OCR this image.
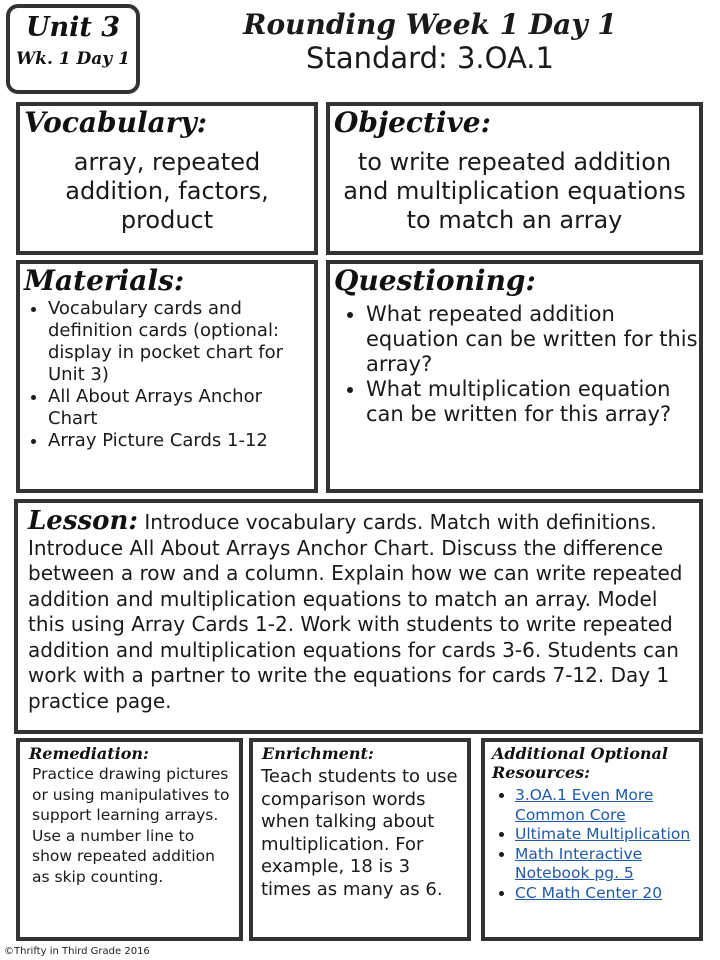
Unit 3
Wk. 1 Day 1
Rounding Week 1 Day 1
Standard: 3.OA.1
Vocabulary:
array, repeated addition, factors, product
Objective:
to write repeated addition and multiplication equations to match an array
Materials:
• Vocabulary cards and definition cards (optional: display in pocket chart for Unit 3)
• All About Arrays Anchor Chart
• Array Picture Cards 1-12
Questioning:
• What repeated addition equation can be written for this array?
• What multiplication equation can be written for this array?
Lesson: Introduce vocabulary cards. Match with definitions. Introduce All About Arrays Anchor Chart. Discuss the difference between a row and a column. Explain how we can write repeated addition and multiplication equations to match an array. Model this using Array Cards 1-2. Work with students to write repeated addition and multiplication equations for cards 3-6. Students can work with a partner to write the equations for cards 7-12. Day 1 practice page.
Remediation:
Practice drawing pictures or using manipulatives to support learning arrays. Use a number line to show repeated addition as skip counting.
Enrichment:
Teach students to use comparison words when talking about multiplication. For example, 18 is 3 times as many as 6.
Additional Optional Resources:
• 3.OA.1 Even More Common Core
• Ultimate Multiplication
• Math Interactive Notebook pg. 5
• CC Math Center 20
©Thrifty in Third Grade 2016
